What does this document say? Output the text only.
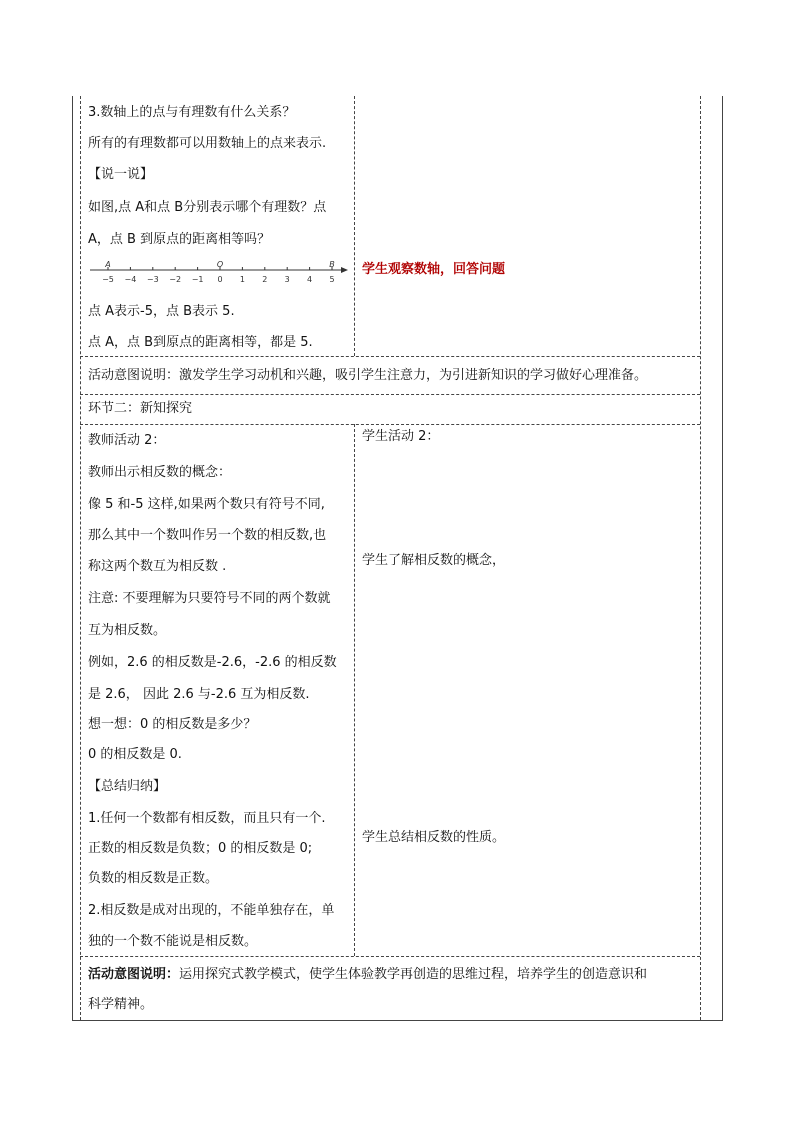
3.数轴上的点与有理数有什么关系？
所有的有理数都可以用数轴上的点来表示.
【说一说】
如图,点 A和点 B分别表示哪个有理数？点
A，点 B 到原点的距离相等吗？
−5 −4 −3 −2 −1 0 1 2 3 4 5
A	O	B
点 A表示-5，点 B表示 5.
点 A，点 B到原点的距离相等，都是 5.
学生观察数轴，回答问题
活动意图说明：激发学生学习动机和兴趣，吸引学生注意力，为引进新知识的学习做好心理准备。
环节二：新知探究
教师活动 2：
教师出示相反数的概念：
像 5 和-5 这样,如果两个数只有符号不同,
那么其中一个数叫作另一个数的相反数,也
称这两个数互为相反数 .
注意: 不要理解为只要符号不同的两个数就
互为相反数。
例如，2.6 的相反数是-2.6，-2.6 的相反数
是 2.6， 因此 2.6 与-2.6 互为相反数.
想一想：0 的相反数是多少？
0 的相反数是 0.
【总结归纳】
1.任何一个数都有相反数，而且只有一个.
正数的相反数是负数；0 的相反数是 0;
负数的相反数是正数。
2.相反数是成对出现的，不能单独存在，单
独的一个数不能说是相反数。
学生活动 2：
学生了解相反数的概念，
学生总结相反数的性质。
活动意图说明：运用探究式教学模式，使学生体验教学再创造的思维过程，培养学生的创造意识和
科学精神。
